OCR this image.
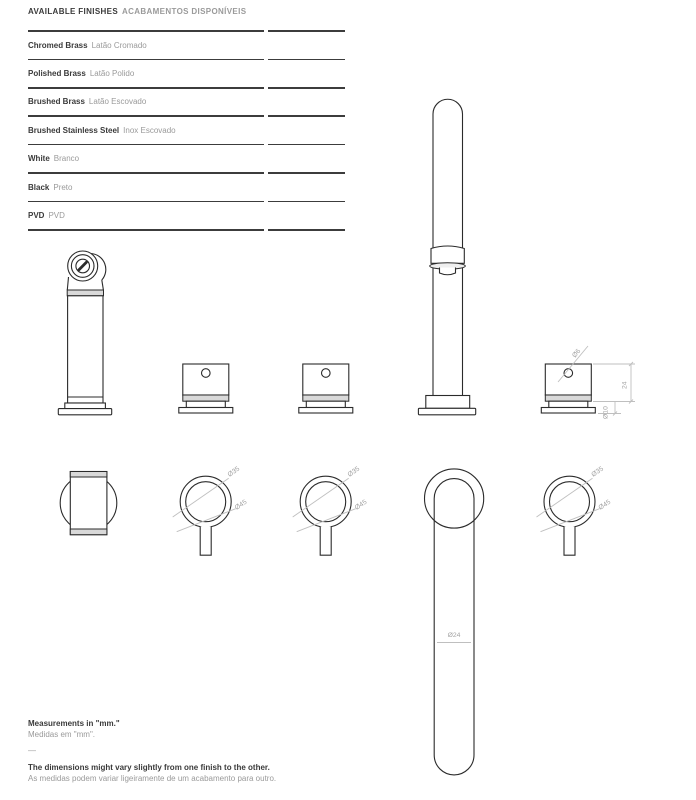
AVAILABLE FINISHES ACABAMENTOS DISPONÍVEIS
Chromed Brass Latão Cromado
Polished Brass Latão Polido
Brushed Brass Latão Escovado
Brushed Stainless Steel Inox Escovado
White Branco
Black Preto
PVD PVD
Ø6
24
Ø10
Ø35
Ø45
Ø35
Ø45
Ø24
Ø35
Ø45
Measurements in "mm."
Medidas em "mm".
—
The dimensions might vary slightly from one finish to the other.
As medidas podem variar ligeiramente de um acabamento para outro.
